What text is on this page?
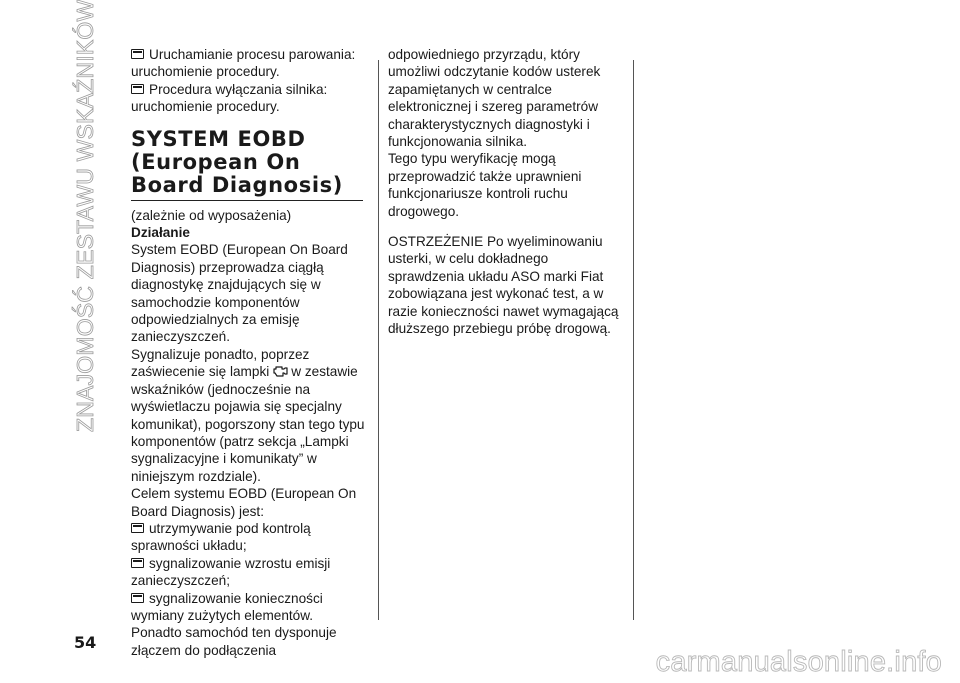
ZNAJOMOŚĆ ZESTAWU WSKAŹNIKÓW	Uruchamianie procesu parowania:

uruchomienie procedury.

Procedura wyłączania silnika:

uruchomienie procedury.

SYSTEM EOBD
(European On
Board Diagnosis)

(zależnie od wyposażenia)

Działanie

System EOBD (European On Board Diagnosis) przeprowadza ciągłą diagnostykę znajdujących się w samochodzie komponentów odpowiedzialnych za emisję zanieczyszczeń.

Sygnalizuje ponadto, poprzez zaświecenie się lampki w zestawie wskaźników (jednocześnie na wyświetlaczu pojawia się specjalny komunikat), pogorszony stan tego typu komponentów (patrz sekcja „Lampki sygnalizacyjne i komunikaty” w niniejszym rozdziale).

Celem systemu EOBD (European On Board Diagnosis) jest:

utrzymywanie pod kontrolą sprawności układu;

sygnalizowanie wzrostu emisji zanieczyszczeń;

sygnalizowanie konieczności wymiany zużytych elementów.

Ponadto samochód ten dysponuje złączem do podłączenia

odpowiedniego przyrządu, który umożliwi odczytanie kodów usterek zapamiętanych w centralce elektronicznej i szereg parametrów charakterystycznych diagnostyki i funkcjonowania silnika.

Tego typu weryfikację mogą przeprowadzić także uprawnieni funkcjonariusze kontroli ruchu drogowego.

OSTRZEŻENIE Po wyeliminowaniu usterki, w celu dokładnego sprawdzenia układu ASO marki Fiat zobowiązana jest wykonać test, a w razie konieczności nawet wymagającą dłuższego przebiegu próbę drogową.

54
carmanualsonline.info
